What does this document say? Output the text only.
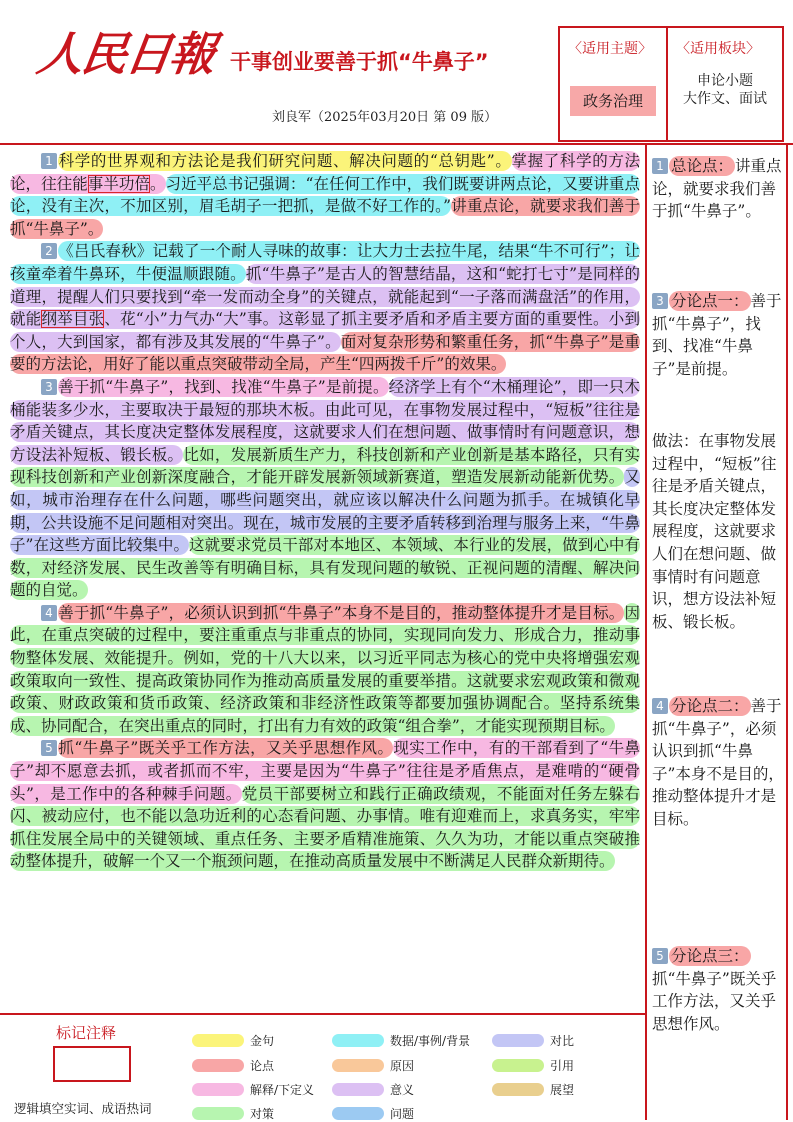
人民日報 干事创业要善于抓“牛鼻子”
刘良军（2025年03月20日 第 09 版）
〈适用主题〉 〈适用板块〉
政务治理
申论小题
大作文、面试

1 科学的世界观和方法论是我们研究问题、解决问题的“总钥匙”。掌握了科学的方法论，往往能事半功倍。习近平总书记强调：“在任何工作中，我们既要讲两点论，又要讲重点论，没有主次，不加区别，眉毛胡子一把抓，是做不好工作的。”讲重点论，就要求我们善于抓“牛鼻子”。

2 《吕氏春秋》记载了一个耐人寻味的故事：让大力士去拉牛尾，结果“牛不可行”；让孩童牵着牛鼻环，牛便温顺跟随。抓“牛鼻子”是古人的智慧结晶，这和“蛇打七寸”是同样的道理，提醒人们只要找到“牵一发而动全身”的关键点，就能起到“一子落而满盘活”的作用，就能纲举目张、花“小”力气办“大”事。这彰显了抓主要矛盾和矛盾主要方面的重要性。小到个人，大到国家，都有涉及其发展的“牛鼻子”。面对复杂形势和繁重任务，抓“牛鼻子”是重要的方法论，用好了能以重点突破带动全局，产生“四两拨千斤”的效果。

3 善于抓“牛鼻子”，找到、找准“牛鼻子”是前提。经济学上有个“木桶理论”，即一只木桶能装多少水，主要取决于最短的那块木板。由此可见，在事物发展过程中，“短板”往往是矛盾关键点，其长度决定整体发展程度，这就要求人们在想问题、做事情时有问题意识，想方设法补短板、锻长板。比如，发展新质生产力，科技创新和产业创新是基本路径，只有实现科技创新和产业创新深度融合，才能开辟发展新领域新赛道，塑造发展新动能新优势。又如，城市治理存在什么问题，哪些问题突出，就应该以解决什么问题为抓手。在城镇化早期，公共设施不足问题相对突出。现在，城市发展的主要矛盾转移到治理与服务上来，“牛鼻子”在这些方面比较集中。这就要求党员干部对本地区、本领域、本行业的发展，做到心中有数，对经济发展、民生改善等有明确目标，具有发现问题的敏锐、正视问题的清醒、解决问题的自觉。

4 善于抓“牛鼻子”，必须认识到抓“牛鼻子”本身不是目的，推动整体提升才是目标。因此，在重点突破的过程中，要注重重点与非重点的协同，实现同向发力、形成合力，推动事物整体发展、效能提升。例如，党的十八大以来，以习近平同志为核心的党中央将增强宏观政策取向一致性、提高政策协同作为推动高质量发展的重要举措。这就要求宏观政策和微观政策、财政政策和货币政策、经济政策和非经济性政策等都要加强协调配合。坚持系统集成、协同配合，在突出重点的同时，打出有力有效的政策“组合拳”，才能实现预期目标。

5 抓“牛鼻子”既关乎工作方法，又关乎思想作风。现实工作中，有的干部看到了“牛鼻子”却不愿意去抓，或者抓而不牢，主要是因为“牛鼻子”往往是矛盾焦点，是难啃的“硬骨头”，是工作中的各种棘手问题。党员干部要树立和践行正确政绩观，不能面对任务左躲右闪、被动应付，也不能以急功近利的心态看问题、办事情。唯有迎难而上，求真务实，牢牢抓住发展全局中的关键领域、重点任务、主要矛盾精准施策、久久为功，才能以重点突破推动整体提升，破解一个又一个瓶颈问题，在推动高质量发展中不断满足人民群众新期待。

1 总论点： 讲重点论，就要求我们善于抓“牛鼻子”。
3 分论点一： 善于抓“牛鼻子”，找到、找准“牛鼻子”是前提。
做法：在事物发展过程中，“短板”往往是矛盾关键点，其长度决定整体发展程度，这就要求人们在想问题、做事情时有问题意识，想方设法补短板、锻长板。
4 分论点二： 善于抓“牛鼻子”，必须认识到抓“牛鼻子”本身不是目的，推动整体提升才是目标。
5 分论点三：抓“牛鼻子”既关乎工作方法，又关乎思想作风。
标记注释
逻辑填空实词、成语热词
金句
论点
解释/下定义
对策
数据/事例/背景
原因
意义
问题
对比
引用
展望
